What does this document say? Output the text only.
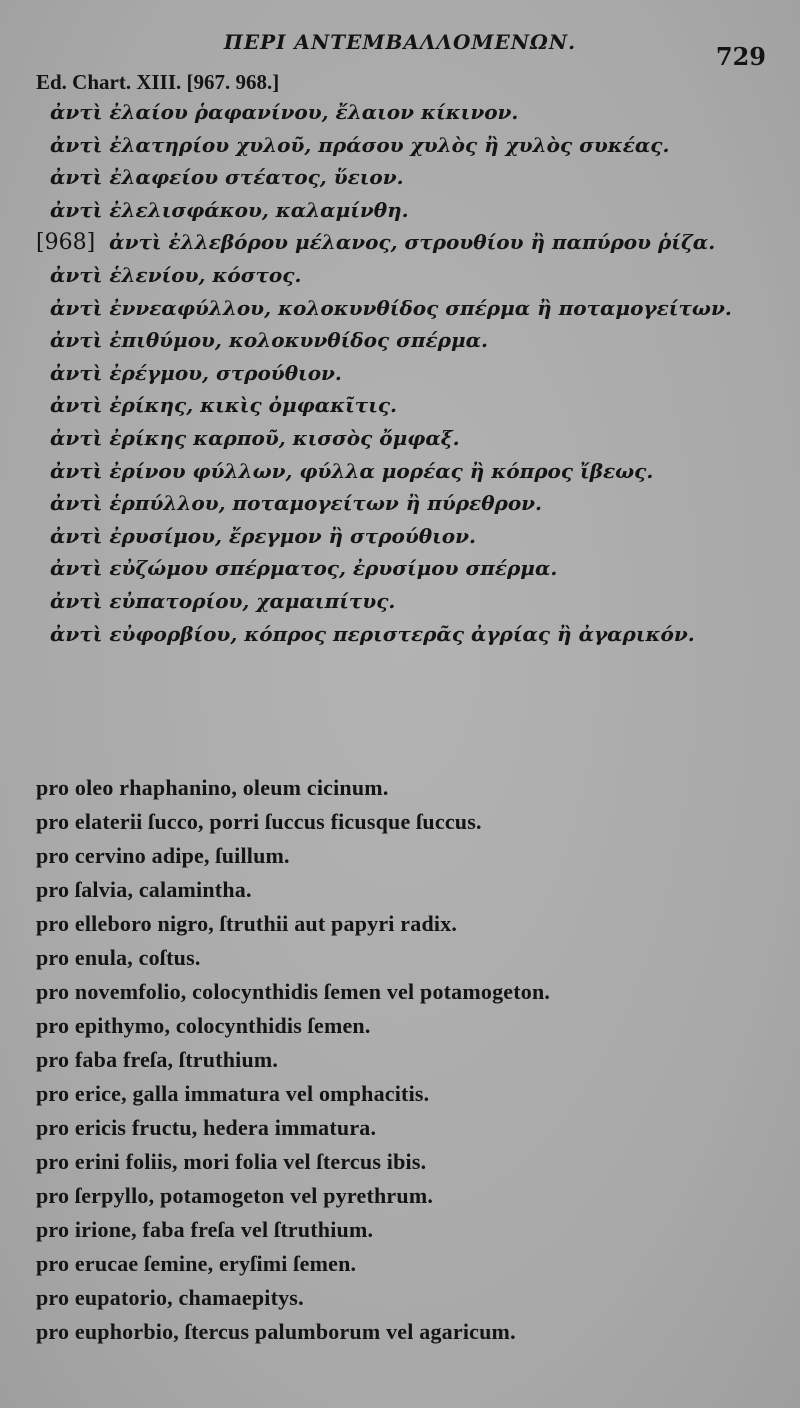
ΠΕΡΙ ΑΝΤΕΜΒΑΛΛΟΜΕΝΩΝ.	729
Ed. Chart. XIII. [967. 968.]
ἀντὶ ἐλαίου ῥαφανίνου, ἔλαιον κίκινον.
ἀντὶ ἐλατηρίου χυλοῦ, πράσου χυλὸς ἢ χυλὸς συκέας.
ἀντὶ ἐλαφείου στέατος, ὕειον.
ἀντὶ ἐλελισφάκου, καλαμίνθη.
[968] ἀντὶ ἐλλεβόρου μέλανος, στρουθίου ἢ παπύρου ῥίζα.
ἀντὶ ἑλενίου, κόστος.
ἀντὶ ἐννεαφύλλου, κολοκυνθίδος σπέρμα ἢ ποταμογείτων.
ἀντὶ ἐπιθύμου, κολοκυνθίδος σπέρμα.
ἀντὶ ἐρέγμου, στρούθιον.
ἀντὶ ἐρίκης, κικὶς ὀμφακῖτις.
ἀντὶ ἐρίκης καρποῦ, κισσὸς ὄμφαξ.
ἀντὶ ἐρίνου φύλλων, φύλλα μορέας ἢ κόπρος ἴβεως.
ἀντὶ ἑρπύλλου, ποταμογείτων ἢ πύρεθρον.
ἀντὶ ἐρυσίμου, ἔρεγμον ἢ στρούθιον.
ἀντὶ εὐζώμου σπέρματος, ἐρυσίμου σπέρμα.
ἀντὶ εὐπατορίου, χαμαιπίτυς.
ἀντὶ εὐφορβίου, κόπρος περιστερᾶς ἀγρίας ἢ ἀγαρικόν.
pro oleo rhaphanino, oleum cicinum.
pro elaterii ſucco, porri ſuccus ficusque ſuccus.
pro cervino adipe, ſuillum.
pro ſalvia, calamintha.
pro elleboro nigro, ſtruthii aut papyri radix.
pro enula, coſtus.
pro novemfolio, colocynthidis ſemen vel potamogeton.
pro epithymo, colocynthidis ſemen.
pro faba freſa, ſtruthium.
pro erice, galla immatura vel omphacitis.
pro ericis fructu, hedera immatura.
pro erini foliis, mori folia vel ſtercus ibis.
pro ſerpyllo, potamogeton vel pyrethrum.
pro irione, faba freſa vel ſtruthium.
pro erucae ſemine, eryſimi ſemen.
pro eupatorio, chamaepitys.
pro euphorbio, ſtercus palumborum vel agaricum.
